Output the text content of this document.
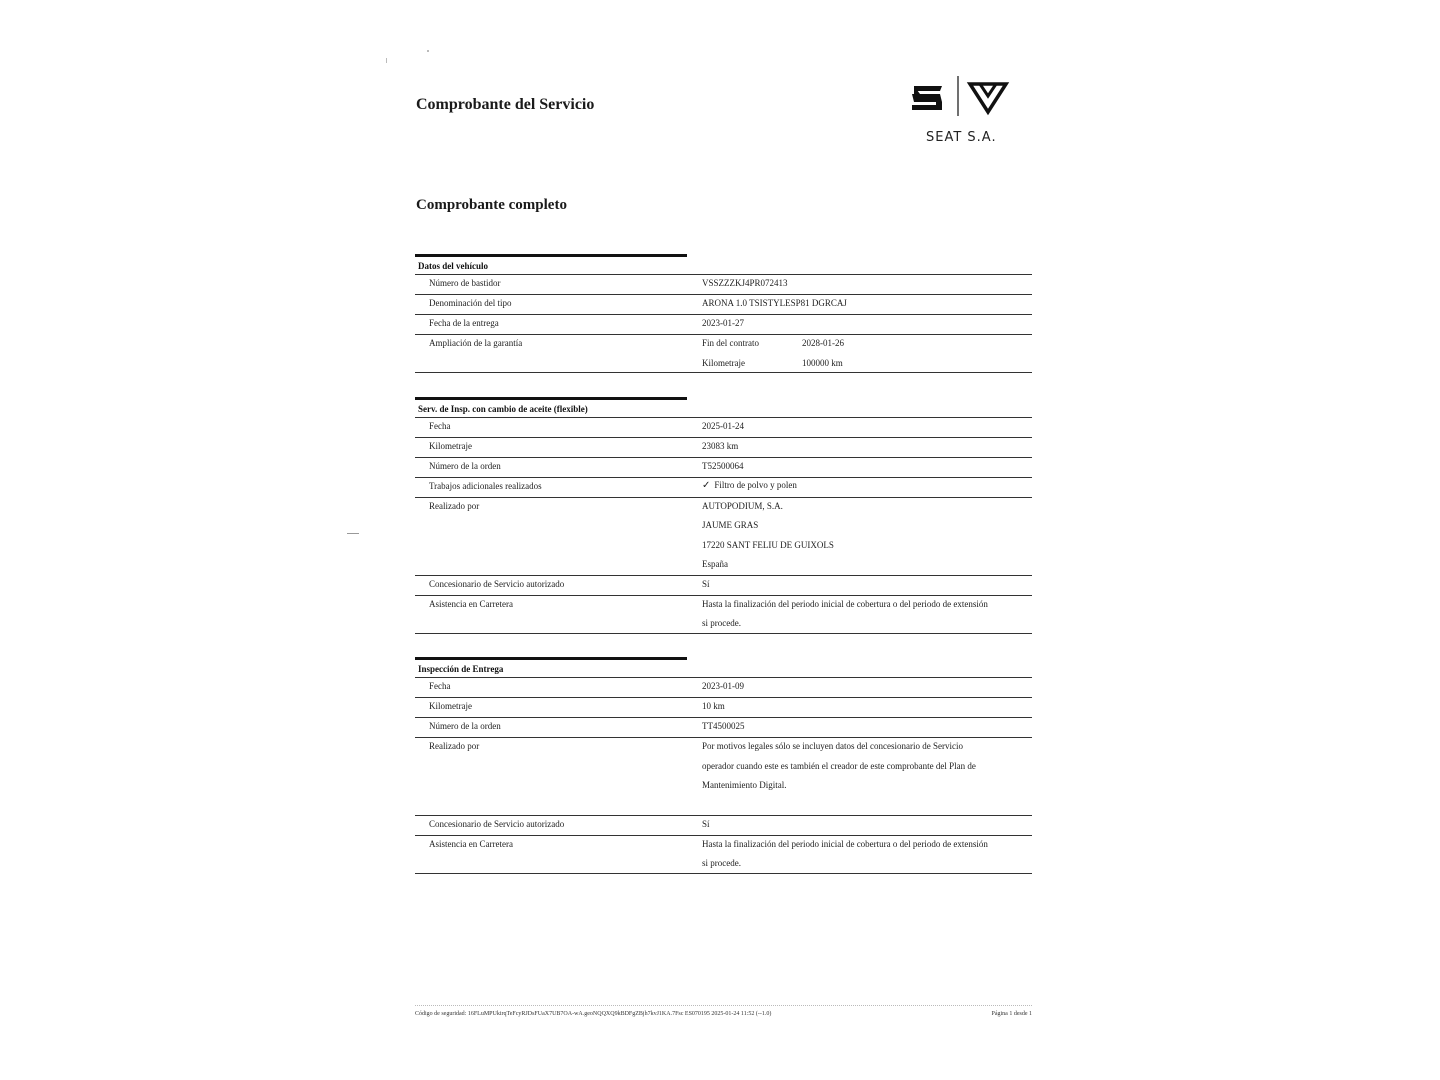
Comprobante del Servicio
SEAT S.A.
Comprobante completo
Datos del vehículo
Número de bastidor	VSSZZZKJ4PR072413
Denominación del tipo	ARONA 1.0 TSISTYLESP81 DGRCAJ
Fecha de la entrega	2023-01-27
Ampliación de la garantía	Fin del contrato	2028-01-26
Kilometraje	100000 km
Serv. de Insp. con cambio de aceite (flexible)
Fecha	2025-01-24
Kilometraje	23083 km
Número de la orden	T52500064
Trabajos adicionales realizados	✓ Filtro de polvo y polen
Realizado por	AUTOPODIUM, S.A.
JAUME GRAS
17220 SANT FELIU DE GUIXOLS
España
Concesionario de Servicio autorizado	Sí
Asistencia en Carretera	Hasta la finalización del periodo inicial de cobertura o del periodo de extensión
si procede.
Inspección de Entrega
Fecha	2023-01-09
Kilometraje	10 km
Número de la orden	TT4500025
Realizado por	Por motivos legales sólo se incluyen datos del concesionario de Servicio
operador cuando este es también el creador de este comprobante del Plan de
Mantenimiento Digital.
Concesionario de Servicio autorizado	Sí
Asistencia en Carretera	Hasta la finalización del periodo inicial de cobertura o del periodo de extensión
si procede.
Código de seguridad: 16FLuMPUkirqTeFcyRJDsFUaX7UB7OA-wA.geoNQQXQ9kBDFgZBjh7kvJ1KA.7Fsc ES070195 2025-01-24 11:52 (--1.0)	Página 1 desde 1
